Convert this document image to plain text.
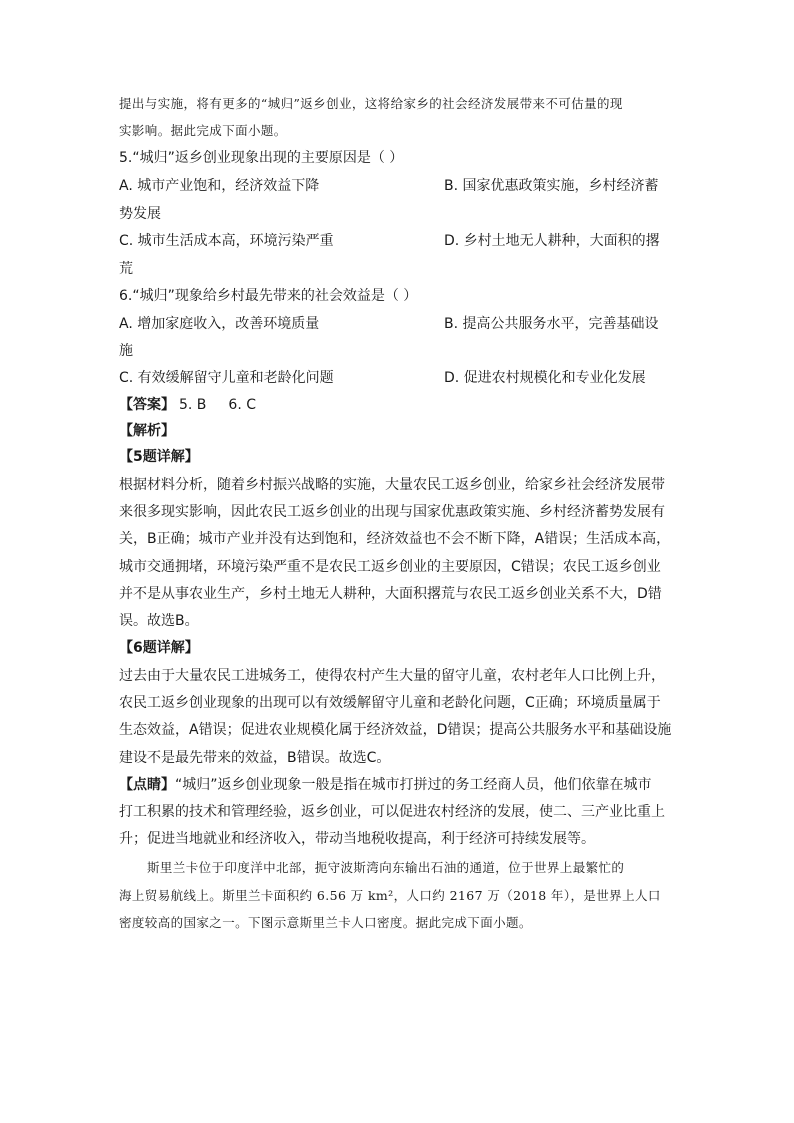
提出与实施，将有更多的“城归”返乡创业，这将给家乡的社会经济发展带来不可估量的现
实影响。据此完成下面小题。
5.“城归”返乡创业现象出现的主要原因是（ ）
A. 城市产业饱和，经济效益下降	B. 国家优惠政策实施，乡村经济蓄
势发展
C. 城市生活成本高，环境污染严重	D. 乡村土地无人耕种，大面积的撂
荒
6.“城归”现象给乡村最先带来的社会效益是（ ）
A. 增加家庭收入，改善环境质量	B. 提高公共服务水平，完善基础设
施
C. 有效缓解留守儿童和老龄化问题	D. 促进农村规模化和专业化发展
【答案】 5. B 6. C
【解析】
【5题详解】
根据材料分析，随着乡村振兴战略的实施，大量农民工返乡创业，给家乡社会经济发展带
来很多现实影响，因此农民工返乡创业的出现与国家优惠政策实施、乡村经济蓄势发展有
关，B正确；城市产业并没有达到饱和，经济效益也不会不断下降，A错误；生活成本高，
城市交通拥堵，环境污染严重不是农民工返乡创业的主要原因，C错误；农民工返乡创业
并不是从事农业生产，乡村土地无人耕种，大面积撂荒与农民工返乡创业关系不大，D错
误。故选B。
【6题详解】
过去由于大量农民工进城务工，使得农村产生大量的留守儿童，农村老年人口比例上升，
农民工返乡创业现象的出现可以有效缓解留守儿童和老龄化问题，C正确；环境质量属于
生态效益，A错误；促进农业规模化属于经济效益，D错误；提高公共服务水平和基础设施
建设不是最先带来的效益，B错误。故选C。
【点睛】“城归”返乡创业现象一般是指在城市打拼过的务工经商人员，他们依靠在城市
打工积累的技术和管理经验，返乡创业，可以促进农村经济的发展，使二、三产业比重上
升；促进当地就业和经济收入，带动当地税收提高，利于经济可持续发展等。
斯里兰卡位于印度洋中北部，扼守波斯湾向东输出石油的通道，位于世界上最繁忙的
海上贸易航线上。斯里兰卡面积约 6.56 万 km²，人口约 2167 万（2018 年），是世界上人口
密度较高的国家之一。下图示意斯里兰卡人口密度。据此完成下面小题。
